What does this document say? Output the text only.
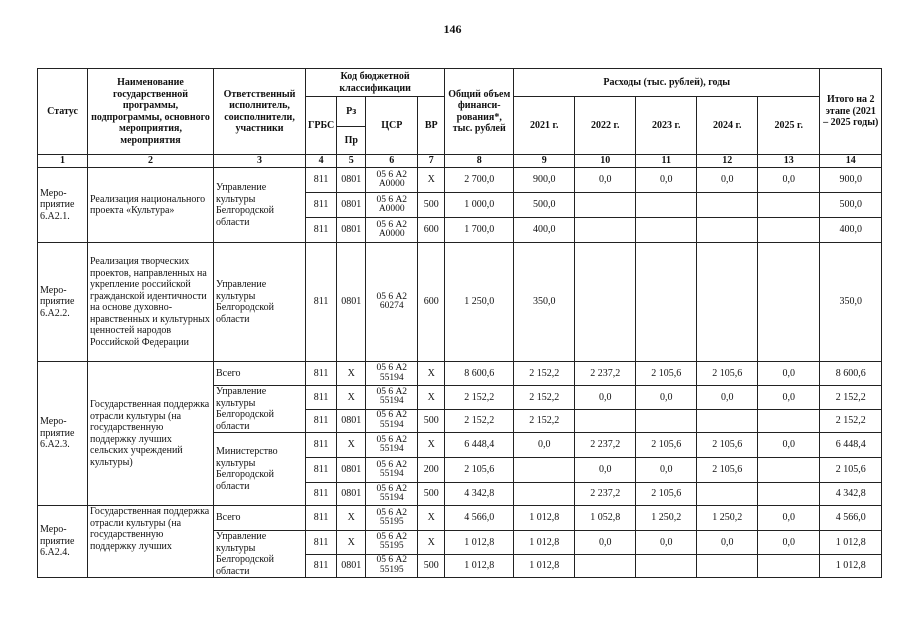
146
Статус	Наименование государственной программы, подпрограммы, основного мероприятия, мероприятия	Ответственный исполнитель, соисполнители, участники	Код бюджетной классификации				Общий объем финанси-рования*, тыс. рублей	Расходы (тыс. рублей), годы					Итого на 2 этапе (2021 – 2025 годы)
			ГРБС	Рз	ЦСР	ВР		2021 г.	2022 г.	2023 г.	2024 г.	2025 г.	
				Пр									
1	2	3	4	5	6	7	8	9	10	11	12	13	14
Меро-приятие 6.А2.1.	Реализация национального проекта «Культура»	Управление культуры Белгородской области	811	0801	05 6 А2 А0000	Х	2 700,0	900,0	0,0	0,0	0,0	0,0	900,0
			811	0801	05 6 А2 А0000	500	1 000,0	500,0					500,0
			811	0801	05 6 А2 А0000	600	1 700,0	400,0					400,0
Меро-приятие 6.А2.2.	Реализация творческих проектов, направленных на укрепление российской гражданской идентичности на основе духовно-нравственных и культурных ценностей народов Российской Федерации	Управление культуры Белгородской области	811	0801	05 6 А2 60274	600	1 250,0	350,0					350,0
Меро-приятие 6.А2.3.	Государственная поддержка отрасли культуры (на государственную поддержку лучших сельских учреждений культуры)	Всего	811	Х	05 6 А2 55194	Х	8 600,6	2 152,2	2 237,2	2 105,6	2 105,6	0,0	8 600,6
		Управление культуры Белгородской области	811	Х	05 6 А2 55194	Х	2 152,2	2 152,2	0,0	0,0	0,0	0,0	2 152,2
			811	0801	05 6 А2 55194	500	2 152,2	2 152,2					2 152,2
		Министерство культуры Белгородской области	811	Х	05 6 А2 55194	Х	6 448,4	0,0	2 237,2	2 105,6	2 105,6	0,0	6 448,4
			811	0801	05 6 А2 55194	200	2 105,6		0,0	0,0	2 105,6		2 105,6
			811	0801	05 6 А2 55194	500	4 342,8		2 237,2	2 105,6			4 342,8
Меро-приятие 6.А2.4.	Государственная поддержка отрасли культуры (на государственную поддержку лучших	Всего	811	Х	05 6 А2 55195	Х	4 566,0	1 012,8	1 052,8	1 250,2	1 250,2	0,0	4 566,0
		Управление культуры Белгородской области	811	Х	05 6 А2 55195	Х	1 012,8	1 012,8	0,0	0,0	0,0	0,0	1 012,8
			811	0801	05 6 А2 55195	500	1 012,8	1 012,8					1 012,8
